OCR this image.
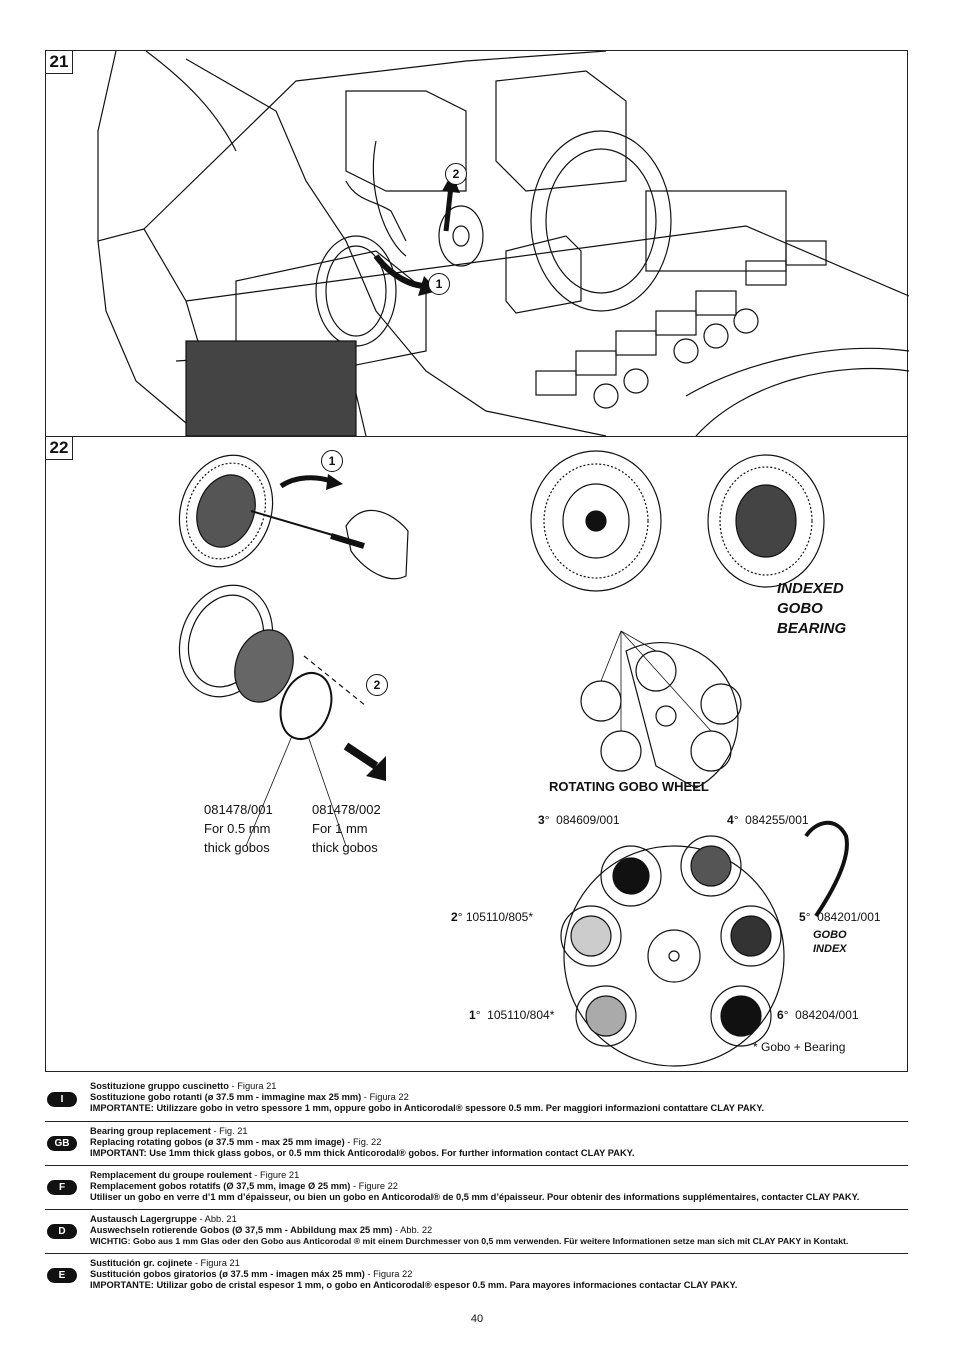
21
22
2
1
1
2
081478/001
For 0.5 mm
thick gobos
081478/002
For 1 mm
thick gobos
INDEXED
GOBO
BEARING
ROTATING GOBO WHEEL
3° 084609/001	4° 084255/001
2° 105110/805*	5° 084201/001
1° 105110/804*	6° 084204/001
GOBO
INDEX
* Gobo + Bearing
I
Sostituzione gruppo cuscinetto - Figura 21
Sostituzione gobo rotanti (ø 37.5 mm - immagine max 25 mm) - Figura 22
IMPORTANTE: Utilizzare gobo in vetro spessore 1 mm, oppure gobo in Anticorodal® spessore 0.5 mm. Per maggiori informazioni contattare CLAY PAKY.
GB
Bearing group replacement - Fig. 21
Replacing rotating gobos (ø 37.5 mm - max 25 mm image) - Fig. 22
IMPORTANT: Use 1mm thick glass gobos, or 0.5 mm thick Anticorodal® gobos. For further information contact CLAY PAKY.
F
Remplacement du groupe roulement - Figure 21
Remplacement gobos rotatifs (Ø 37,5 mm, image Ø 25 mm) - Figure 22
Utiliser un gobo en verre d’1 mm d’épaisseur, ou bien un gobo en Anticorodal® de 0,5 mm d’épaisseur. Pour obtenir des informations supplémentaires, contacter CLAY PAKY.
D
Austausch Lagergruppe - Abb. 21
Auswechseln rotierende Gobos (Ø 37,5 mm - Abbildung max 25 mm) - Abb. 22
WICHTIG: Gobo aus 1 mm Glas oder den Gobo aus Anticorodal ® mit einem Durchmesser von 0,5 mm verwenden. Für weitere Informationen setze man sich mit CLAY PAKY in Kontakt.
E
Sustitución gr. cojinete - Figura 21
Sustitución gobos giratorios (ø 37.5 mm - imagen máx 25 mm) - Figura 22
IMPORTANTE: Utilizar gobo de cristal espesor 1 mm, o gobo en Anticorodal® espesor 0.5 mm. Para mayores informaciones contactar CLAY PAKY.
40
